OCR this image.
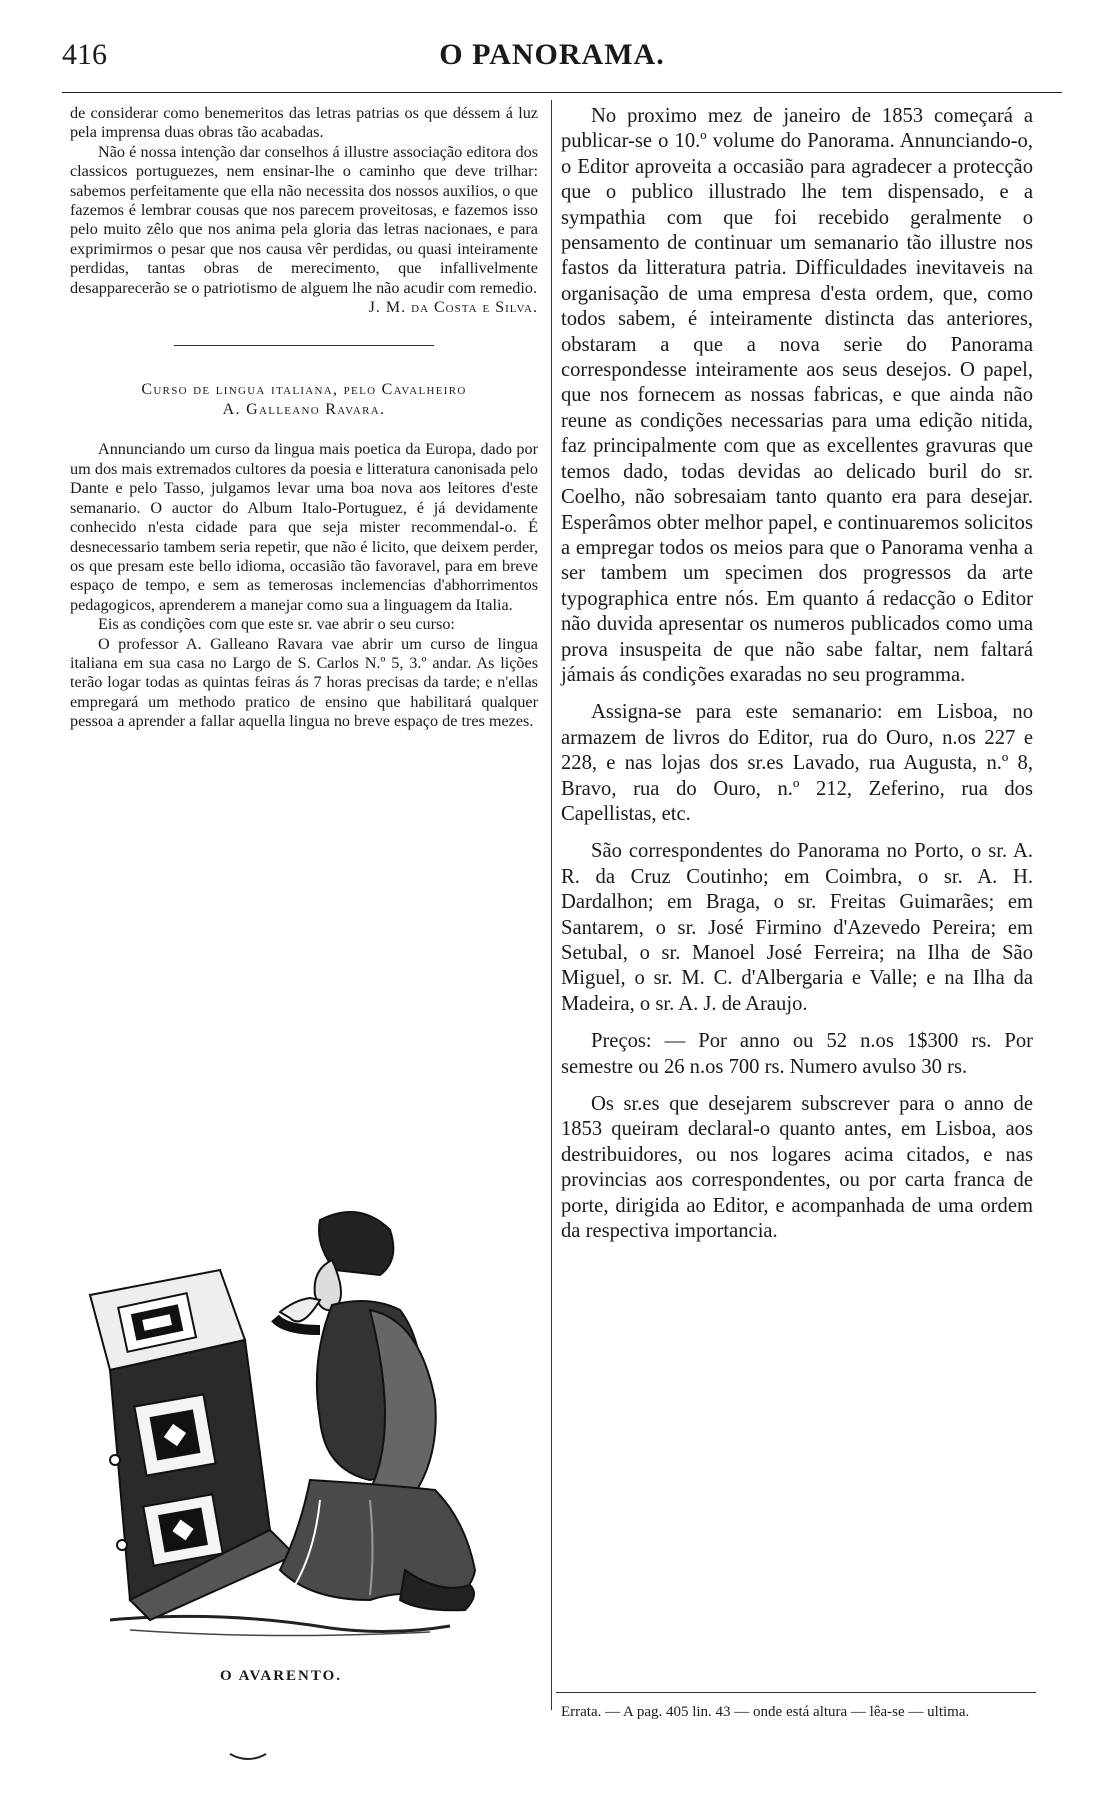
416	O PANORAMA.

de considerar como benemeritos das letras patrias os que déssem á luz pela imprensa duas obras tão acabadas.

Não é nossa intenção dar conselhos á illustre associação editora dos classicos portuguezes, nem ensinar-lhe o caminho que deve trilhar: sabemos perfeitamente que ella não necessita dos nossos auxilios, o que fazemos é lembrar cousas que nos parecem proveitosas, e fazemos isso pelo muito zêlo que nos anima pela gloria das letras nacionaes, e para exprimirmos o pesar que nos causa vêr perdidas, ou quasi inteiramente perdidas, tantas obras de merecimento, que infallivelmente desapparecerão se o patriotismo de alguem lhe não acudir com remedio.

J. M. da Costa e Silva.

Curso de lingua italiana, pelo Cavalheiro
A. Galleano Ravara.

Annunciando um curso da lingua mais poetica da Europa, dado por um dos mais extremados cultores da poesia e litteratura canonisada pelo Dante e pelo Tasso, julgamos levar uma boa nova aos leitores d'este semanario. O auctor do Album Italo-Portuguez, é já devidamente conhecido n'esta cidade para que seja mister recommendal-o. É desnecessario tambem seria repetir, que não é licito, que deixem perder, os que presam este bello idioma, occasião tão favoravel, para em breve espaço de tempo, e sem as temerosas inclemencias d'abhorrimentos pedagogicos, aprenderem a manejar como sua a linguagem da Italia.

Eis as condições com que este sr. vae abrir o seu curso:

O professor A. Galleano Ravara vae abrir um curso de lingua italiana em sua casa no Largo de S. Carlos N.º 5, 3.º andar. As lições terão logar todas as quintas feiras ás 7 horas precisas da tarde; e n'ellas empregará um methodo pratico de ensino que habilitará qualquer pessoa a aprender a fallar aquella lingua no breve espaço de tres mezes.

O AVARENTO.

No proximo mez de janeiro de 1853 começará a publicar-se o 10.º volume do Panorama. Annunciando-o, o Editor aproveita a occasião para agradecer a protecção que o publico illustrado lhe tem dispensado, e a sympathia com que foi recebido geralmente o pensamento de continuar um semanario tão illustre nos fastos da litteratura patria. Difficuldades inevitaveis na organisação de uma empresa d'esta ordem, que, como todos sabem, é inteiramente distincta das anteriores, obstaram a que a nova serie do Panorama correspondesse inteiramente aos seus desejos. O papel, que nos fornecem as nossas fabricas, e que ainda não reune as condições necessarias para uma edição nitida, faz principalmente com que as excellentes gravuras que temos dado, todas devidas ao delicado buril do sr. Coelho, não sobresaiam tanto quanto era para desejar. Esperâmos obter melhor papel, e continuaremos solicitos a empregar todos os meios para que o Panorama venha a ser tambem um specimen dos progressos da arte typographica entre nós. Em quanto á redacção o Editor não duvida apresentar os numeros publicados como uma prova insuspeita de que não sabe faltar, nem faltará jámais ás condições exaradas no seu programma.

Assigna-se para este semanario: em Lisboa, no armazem de livros do Editor, rua do Ouro, n.os 227 e 228, e nas lojas dos sr.es Lavado, rua Augusta, n.º 8, Bravo, rua do Ouro, n.º 212, Zeferino, rua dos Capellistas, etc.

São correspondentes do Panorama no Porto, o sr. A. R. da Cruz Coutinho; em Coimbra, o sr. A. H. Dardalhon; em Braga, o sr. Freitas Guimarães; em Santarem, o sr. José Firmino d'Azevedo Pereira; em Setubal, o sr. Manoel José Ferreira; na Ilha de São Miguel, o sr. M. C. d'Albergaria e Valle; e na Ilha da Madeira, o sr. A. J. de Araujo.

Preços: — Por anno ou 52 n.os 1$300 rs. Por semestre ou 26 n.os 700 rs. Numero avulso 30 rs.

Os sr.es que desejarem subscrever para o anno de 1853 queiram declaral-o quanto antes, em Lisboa, aos destribuidores, ou nos logares acima citados, e nas provincias aos correspondentes, ou por carta franca de porte, dirigida ao Editor, e acompanhada de uma ordem da respectiva importancia.

Errata. — A pag. 405 lin. 43 — onde está altura — lêa-se — ultima.
